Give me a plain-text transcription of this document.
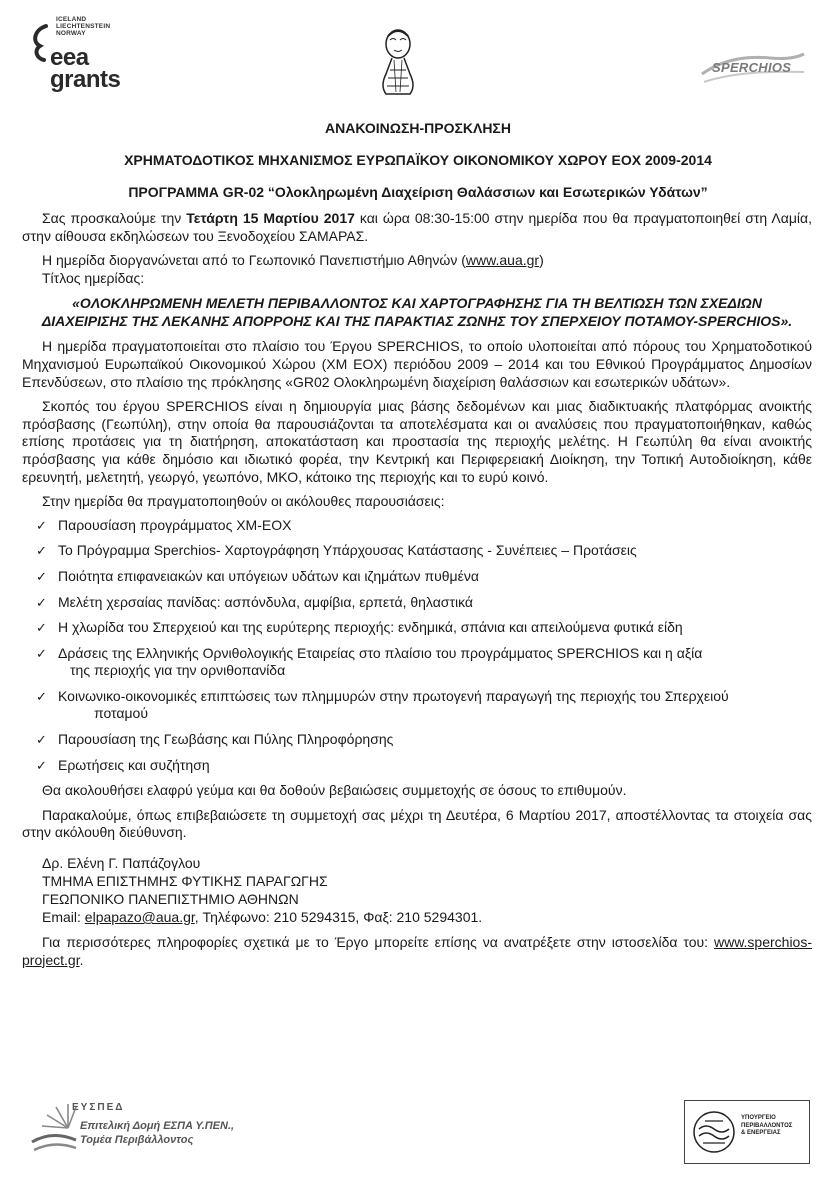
ICELAND
LIECHTENSTEIN
NORWAY
eea
grants	SPERCHIOS
ΑΝΑΚΟΙΝΩΣΗ-ΠΡΟΣΚΛΗΣΗ
ΧΡΗΜΑΤΟΔΟΤΙΚΟΣ ΜΗΧΑΝΙΣΜΟΣ ΕΥΡΩΠΑΪΚΟΥ ΟΙΚΟΝΟΜΙΚΟΥ ΧΩΡΟΥ ΕΟΧ 2009-2014
ΠΡΟΓΡΑΜΜΑ GR-02 “Ολοκληρωμένη Διαχείριση Θαλάσσιων και Εσωτερικών Υδάτων”

Σας προσκαλούμε την Τετάρτη 15 Μαρτίου 2017 και ώρα 08:30-15:00 στην ημερίδα που θα πραγματοποιηθεί στη Λαμία, στην αίθουσα εκδηλώσεων του Ξενοδοχείου ΣΑΜΑΡΑΣ.

Η ημερίδα διοργανώνεται από το Γεωπονικό Πανεπιστήμιο Αθηνών (www.aua.gr)

Τίτλος ημερίδας:

«ΟΛΟΚΛΗΡΩΜΕΝΗ ΜΕΛΕΤΗ ΠΕΡΙΒΑΛΛΟΝΤΟΣ ΚΑΙ ΧΑΡΤΟΓΡΑΦΗΣΗΣ ΓΙΑ ΤΗ ΒΕΛΤΙΩΣΗ ΤΩΝ ΣΧΕΔΙΩΝ
ΔΙΑΧΕΙΡΙΣΗΣ ΤΗΣ ΛΕΚΑΝΗΣ ΑΠΟΡΡΟΗΣ ΚΑΙ ΤΗΣ ΠΑΡΑΚΤΙΑΣ ΖΩΝΗΣ ΤΟΥ ΣΠΕΡΧΕΙΟΥ ΠΟΤΑΜΟΥ-SPERCHIOS».

Η ημερίδα πραγματοποιείται στο πλαίσιο του Έργου SPERCHIOS, το οποίο υλοποιείται από πόρους του Χρηματοδοτικού Μηχανισμού Ευρωπαϊκού Οικονομικού Χώρου (ΧΜ ΕΟΧ) περιόδου 2009 – 2014 και του Εθνικού Προγράμματος Δημοσίων Επενδύσεων, στο πλαίσιο της πρόκλησης «GR02 Ολοκληρωμένη διαχείριση θαλάσσιων και εσωτερικών υδάτων».

Σκοπός του έργου SPERCHIOS είναι η δημιουργία μιας βάσης δεδομένων και μιας διαδικτυακής πλατφόρμας ανοικτής πρόσβασης (Γεωπύλη), στην οποία θα παρουσιάζονται τα αποτελέσματα και οι αναλύσεις που πραγματοποιήθηκαν, καθώς επίσης προτάσεις για τη διατήρηση, αποκατάσταση και προστασία της περιοχής μελέτης. Η Γεωπύλη θα είναι ανοικτής πρόσβασης για κάθε δημόσιο και ιδιωτικό φορέα, την Κεντρική και Περιφερειακή Διοίκηση, την Τοπική Αυτοδιοίκηση, κάθε ερευνητή, μελετητή, γεωργό, γεωπόνο, ΜΚΟ, κάτοικο της περιοχής και το ευρύ κοινό.

Στην ημερίδα θα πραγματοποιηθούν οι ακόλουθες παρουσιάσεις:

✓ Παρουσίαση προγράμματος ΧΜ-ΕΟΧ
✓ Το Πρόγραμμα Sperchios- Χαρτογράφηση Υπάρχουσας Κατάστασης - Συνέπειες – Προτάσεις
✓ Ποιότητα επιφανειακών και υπόγειων υδάτων και ιζημάτων πυθμένα
✓ Μελέτη χερσαίας πανίδας: ασπόνδυλα, αμφίβια, ερπετά, θηλαστικά
✓ Η χλωρίδα του Σπερχειού και της ευρύτερης περιοχής: ενδημικά, σπάνια και απειλούμενα φυτικά είδη
✓ Δράσεις της Ελληνικής Ορνιθολογικής Εταιρείας στο πλαίσιο του προγράμματος SPERCHIOS και η αξία
της περιοχής για την ορνιθοπανίδα
✓ Κοινωνικο-οικονομικές επιπτώσεις των πλημμυρών στην πρωτογενή παραγωγή της περιοχής του Σπερχειού
ποταμού
✓ Παρουσίαση της Γεωβάσης και Πύλης Πληροφόρησης
✓ Ερωτήσεις και συζήτηση

Θα ακολουθήσει ελαφρύ γεύμα και θα δοθούν βεβαιώσεις συμμετοχής σε όσους το επιθυμούν.

Παρακαλούμε, όπως επιβεβαιώσετε τη συμμετοχή σας μέχρι τη Δευτέρα, 6 Μαρτίου 2017, αποστέλλοντας τα στοιχεία σας στην ακόλουθη διεύθυνση.

Δρ. Ελένη Γ. Παπάζογλου
ΤΜΗΜΑ ΕΠΙΣΤΗΜΗΣ ΦΥΤΙΚΗΣ ΠΑΡΑΓΩΓΗΣ
ΓΕΩΠΟΝΙΚΟ ΠΑΝΕΠΙΣΤΗΜΙΟ ΑΘΗΝΩΝ
Email: elpapazo@aua.gr, Τηλέφωνο: 210 5294315, Φαξ: 210 5294301.

Για περισσότερες πληροφορίες σχετικά με το Έργο μπορείτε επίσης να ανατρέξετε στην ιστοσελίδα του: www.sperchios-project.gr.

ΕΥΣΠΕΔ
Επιτελική Δομή ΕΣΠΑ Υ.ΠΕΝ.,
Τομέα Περιβάλλοντος
ΥΠΟΥΡΓΕΙΟ
ΠΕΡΙΒΑΛΛΟΝΤΟΣ
& ΕΝΕΡΓΕΙΑΣ
